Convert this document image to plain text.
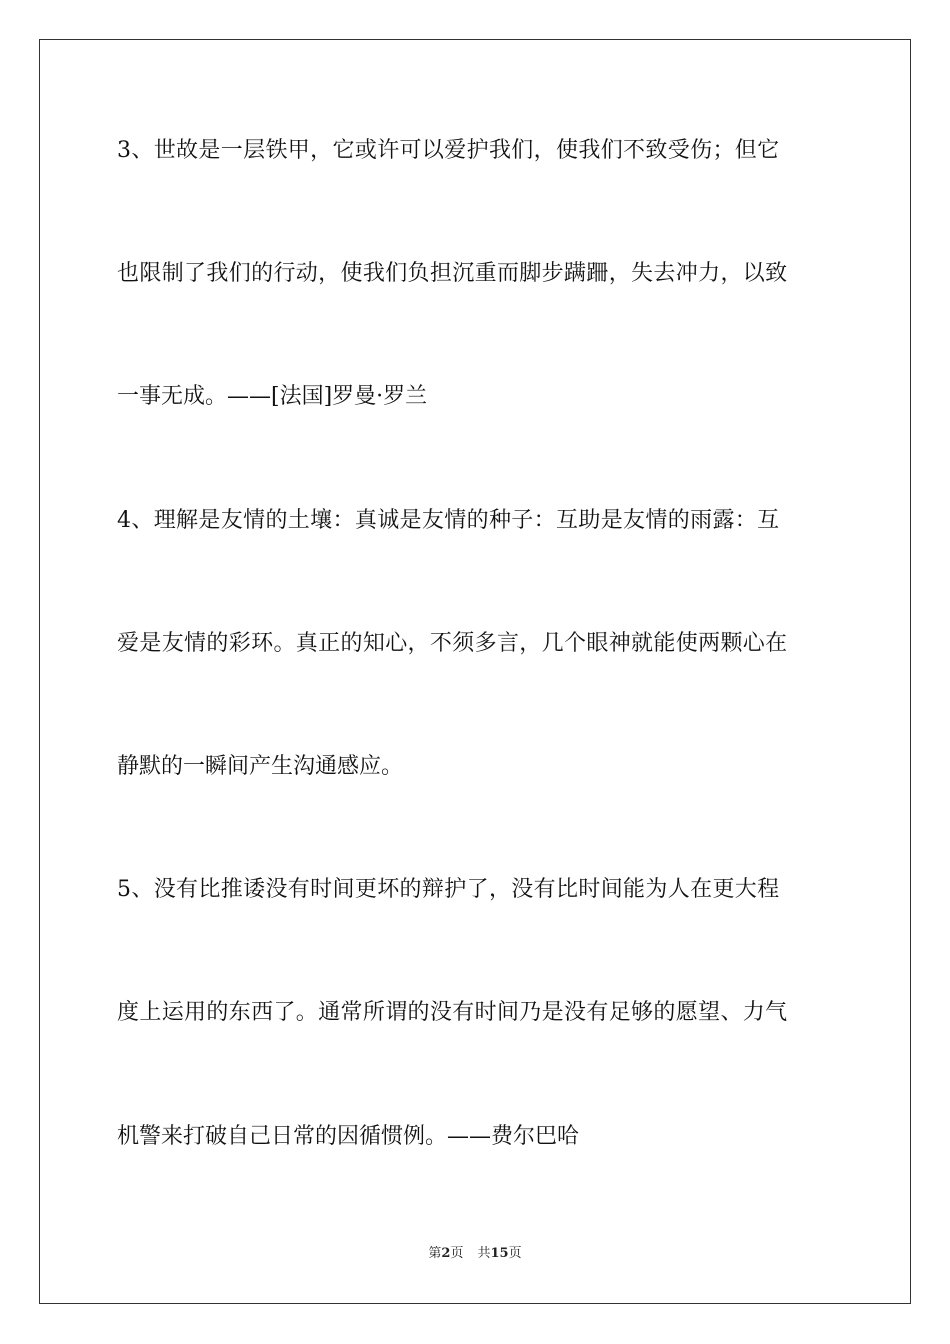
3、世故是一层铁甲，它或许可以爱护我们，使我们不致受伤；但它
也限制了我们的行动，使我们负担沉重而脚步蹒跚，失去冲力，以致
一事无成。——[法国]罗曼·罗兰
4、理解是友情的土壤：真诚是友情的种子：互助是友情的雨露：互
爱是友情的彩环。真正的知心，不须多言，几个眼神就能使两颗心在
静默的一瞬间产生沟通感应。
5、没有比推诿没有时间更坏的辩护了，没有比时间能为人在更大程
度上运用的东西了。通常所谓的没有时间乃是没有足够的愿望、力气
机警来打破自己日常的因循惯例。——费尔巴哈
第2页 共15页
